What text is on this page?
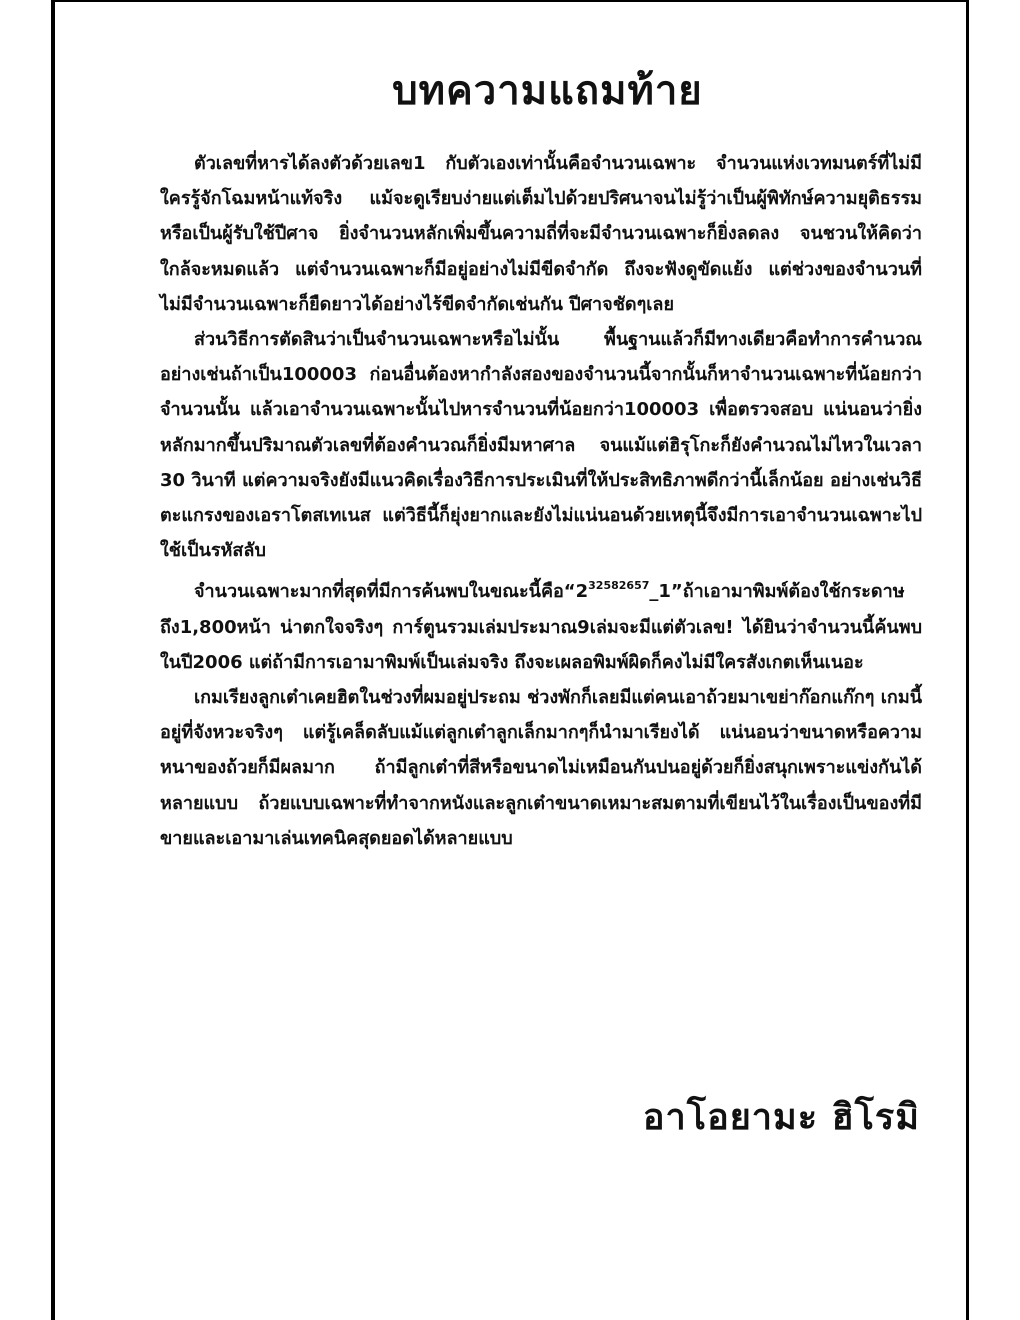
บทความแถมท้าย

ตัวเลขที่หารได้ลงตัวด้วยเลข1 กับตัวเองเท่านั้นคือจำนวนเฉพาะ จำนวนแห่งเวทมนตร์ที่ไม่มีใครรู้จักโฉมหน้าแท้จริง แม้จะดูเรียบง่ายแต่เต็มไปด้วยปริศนาจนไม่รู้ว่าเป็นผู้พิทักษ์ความยุติธรรมหรือเป็นผู้รับใช้ปีศาจ ยิ่งจำนวนหลักเพิ่มขึ้นความถี่ที่จะมีจำนวนเฉพาะก็ยิ่งลดลง จนชวนให้คิดว่าใกล้จะหมดแล้ว แต่จำนวนเฉพาะก็มีอยู่อย่างไม่มีขีดจำกัด ถึงจะฟังดูขัดแย้ง แต่ช่วงของจำนวนที่ไม่มีจำนวนเฉพาะก็ยืดยาวได้อย่างไร้ขีดจำกัดเช่นกัน ปีศาจชัดๆเลย

ส่วนวิธีการตัดสินว่าเป็นจำนวนเฉพาะหรือไม่นั้น พื้นฐานแล้วก็มีทางเดียวคือทำการคำนวณ อย่างเช่นถ้าเป็น100003 ก่อนอื่นต้องหากำลังสองของจำนวนนี้จากนั้นก็หาจำนวนเฉพาะที่น้อยกว่าจำนวนนั้น แล้วเอาจำนวนเฉพาะนั้นไปหารจำนวนที่น้อยกว่า100003 เพื่อตรวจสอบ แน่นอนว่ายิ่งหลักมากขึ้นปริมาณตัวเลขที่ต้องคำนวณก็ยิ่งมีมหาศาล จนแม้แต่ฮิรุโกะก็ยังคำนวณไม่ไหวในเวลา 30 วินาที แต่ความจริงยังมีแนวคิดเรื่องวิธีการประเมินที่ให้ประสิทธิภาพดีกว่านี้เล็กน้อย อย่างเช่นวิธีตะแกรงของเอราโตสเทเนส แต่วิธีนี้ก็ยุ่งยากและยังไม่แน่นอนด้วยเหตุนี้จึงมีการเอาจำนวนเฉพาะไปใช้เป็นรหัสลับ

จำนวนเฉพาะมากที่สุดที่มีการค้นพบในขณะนี้คือ“$2^{32582657}\_1$”ถ้าเอามาพิมพ์ต้องใช้กระดาษถึง1,800หน้า น่าตกใจจริงๆ การ์ตูนรวมเล่มประมาณ9เล่มจะมีแต่ตัวเลข! ได้ยินว่าจำนวนนี้ค้นพบในปี2006 แต่ถ้ามีการเอามาพิมพ์เป็นเล่มจริง ถึงจะเผลอพิมพ์ผิดก็คงไม่มีใครสังเกตเห็นเนอะ

เกมเรียงลูกเต๋าเคยฮิตในช่วงที่ผมอยู่ประถม ช่วงพักก็เลยมีแต่คนเอาถ้วยมาเขย่าก๊อกแก๊กๆ เกมนี้อยู่ที่จังหวะจริงๆ แต่รู้เคล็ดลับแม้แต่ลูกเต๋าลูกเล็กมากๆก็นำมาเรียงได้ แน่นอนว่าขนาดหรือความหนาของถ้วยก็มีผลมาก ถ้ามีลูกเต๋าที่สีหรือขนาดไม่เหมือนกันปนอยู่ด้วยก็ยิ่งสนุกเพราะแข่งกันได้หลายแบบ ถ้วยแบบเฉพาะที่ทำจากหนังและลูกเต๋าขนาดเหมาะสมตามที่เขียนไว้ในเรื่องเป็นของที่มีขายและเอามาเล่นเทคนิคสุดยอดได้หลายแบบ

อาโอยามะ ฮิโรมิ
